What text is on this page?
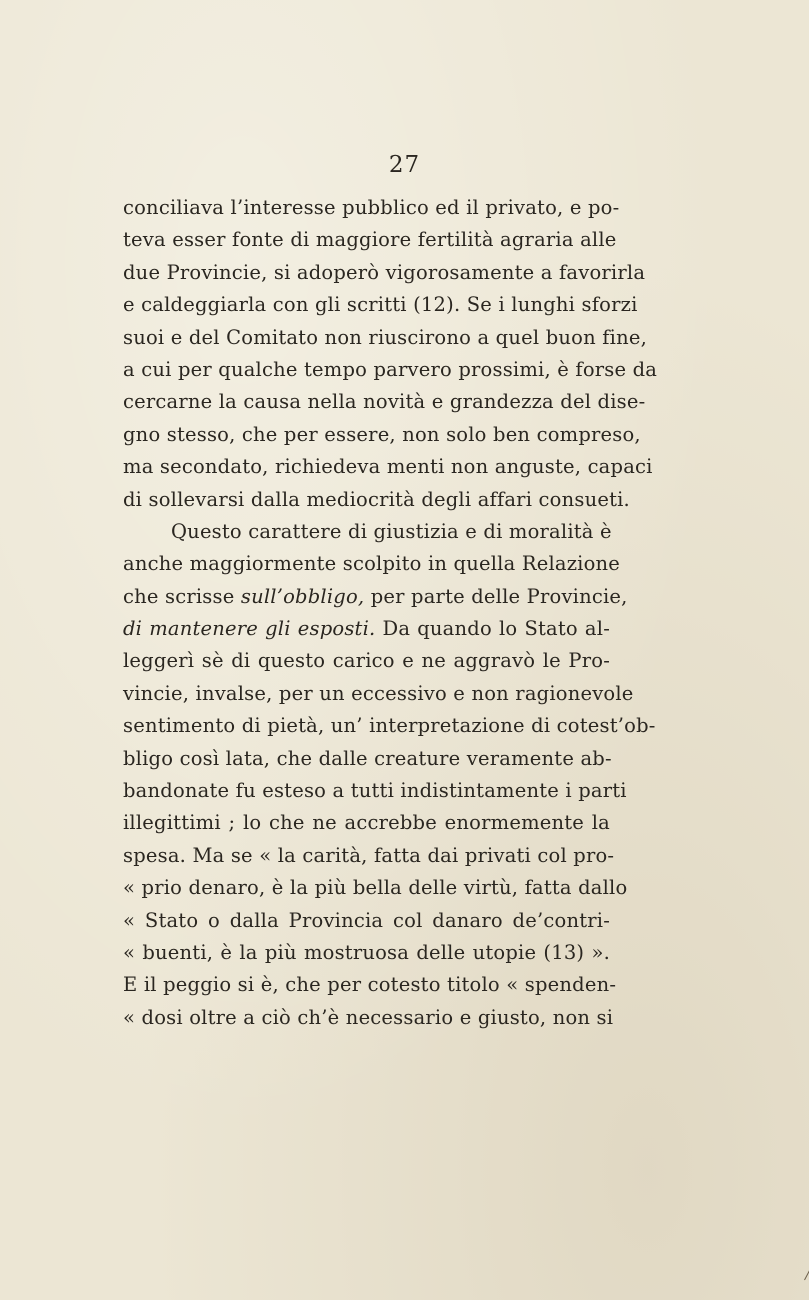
27
conciliava l’interesse pubblico ed il privato, e po-
teva esser fonte di maggiore fertilità agraria alle
due Provincie, si adoperò vigorosamente a favorirla
e caldeggiarla con gli scritti (12). Se i lunghi sforzi
suoi e del Comitato non riuscirono a quel buon fine,
a cui per qualche tempo parvero prossimi, è forse da
cercarne la causa nella novità e grandezza del dise-
gno stesso, che per essere, non solo ben compreso,
ma secondato, richiedeva menti non anguste, capaci
di sollevarsi dalla mediocrità degli affari consueti.
Questo carattere di giustizia e di moralità è
anche maggiormente scolpito in quella Relazione
che scrisse sull’obbligo, per parte delle Provincie,
di mantenere gli esposti. Da quando lo Stato al-
leggerì sè di questo carico e ne aggravò le Pro-
vincie, invalse, per un eccessivo e non ragionevole
sentimento di pietà, un’ interpretazione di cotest’ob-
bligo così lata, che dalle creature veramente ab-
bandonate fu esteso a tutti indistintamente i parti
illegittimi ; lo che ne accrebbe enormemente la
spesa. Ma se « la carità, fatta dai privati col pro-
« prio denaro, è la più bella delle virtù, fatta dallo
« Stato o dalla Provincia col danaro de’contri-
« buenti, è la più mostruosa delle utopie (13) ».
E il peggio si è, che per cotesto titolo « spenden-
« dosi oltre a ciò ch’è necessario e giusto, non si
